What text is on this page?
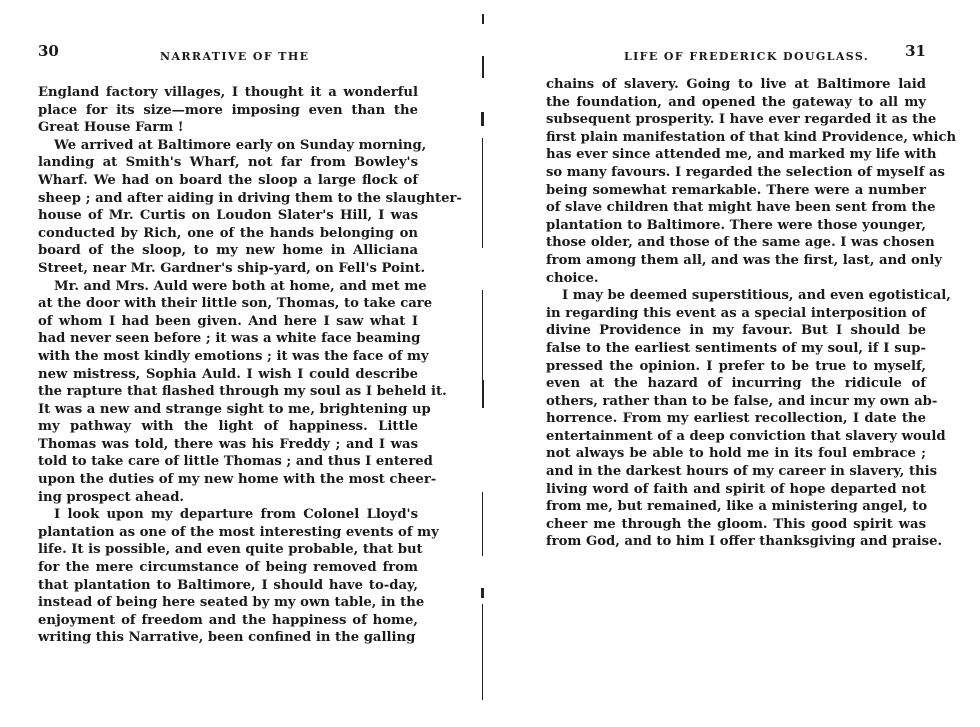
30	NARRATIVE OF THE
England factory villages, I thought it a wonderful
place for its size—more imposing even than the
Great House Farm !
We arrived at Baltimore early on Sunday morning,
landing at Smith's Wharf, not far from Bowley's
Wharf. We had on board the sloop a large flock of
sheep ; and after aiding in driving them to the slaughter-
house of Mr. Curtis on Loudon Slater's Hill, I was
conducted by Rich, one of the hands belonging on
board of the sloop, to my new home in Alliciana
Street, near Mr. Gardner's ship-yard, on Fell's Point.
Mr. and Mrs. Auld were both at home, and met me
at the door with their little son, Thomas, to take care
of whom I had been given. And here I saw what I
had never seen before ; it was a white face beaming
with the most kindly emotions ; it was the face of my
new mistress, Sophia Auld. I wish I could describe
the rapture that flashed through my soul as I beheld it.
It was a new and strange sight to me, brightening up
my pathway with the light of happiness. Little
Thomas was told, there was his Freddy ; and I was
told to take care of little Thomas ; and thus I entered
upon the duties of my new home with the most cheer-
ing prospect ahead.
I look upon my departure from Colonel Lloyd's
plantation as one of the most interesting events of my
life. It is possible, and even quite probable, that but
for the mere circumstance of being removed from
that plantation to Baltimore, I should have to-day,
instead of being here seated by my own table, in the
enjoyment of freedom and the happiness of home,
writing this Narrative, been confined in the galling
LIFE OF FREDERICK DOUGLASS. 31
chains of slavery. Going to live at Baltimore laid
the foundation, and opened the gateway to all my
subsequent prosperity. I have ever regarded it as the
first plain manifestation of that kind Providence, which
has ever since attended me, and marked my life with
so many favours. I regarded the selection of myself as
being somewhat remarkable. There were a number
of slave children that might have been sent from the
plantation to Baltimore. There were those younger,
those older, and those of the same age. I was chosen
from among them all, and was the first, last, and only
choice.
I may be deemed superstitious, and even egotistical,
in regarding this event as a special interposition of
divine Providence in my favour. But I should be
false to the earliest sentiments of my soul, if I sup-
pressed the opinion. I prefer to be true to myself,
even at the hazard of incurring the ridicule of
others, rather than to be false, and incur my own ab-
horrence. From my earliest recollection, I date the
entertainment of a deep conviction that slavery would
not always be able to hold me in its foul embrace ;
and in the darkest hours of my career in slavery, this
living word of faith and spirit of hope departed not
from me, but remained, like a ministering angel, to
cheer me through the gloom. This good spirit was
from God, and to him I offer thanksgiving and praise.
